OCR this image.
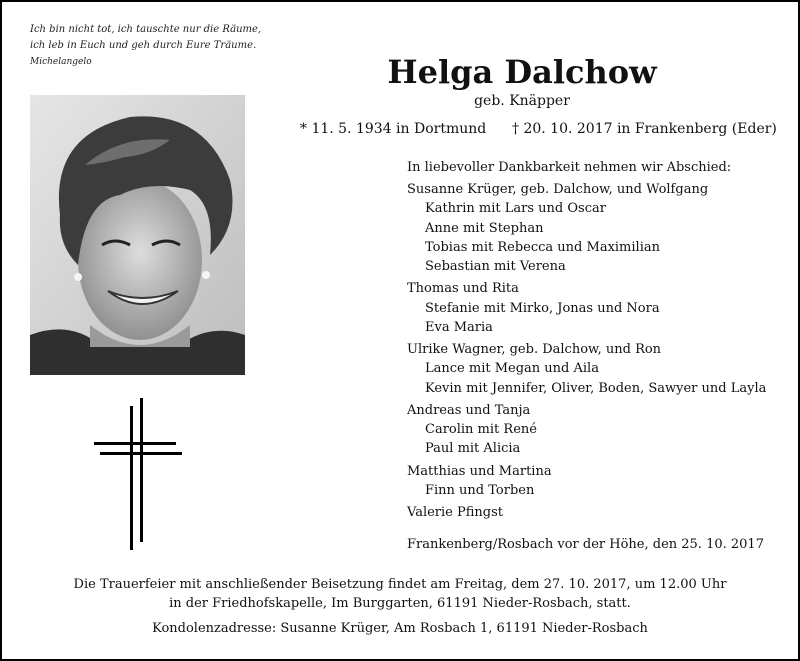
Ich bin nicht tot, ich tauschte nur die Räume,
ich leb in Euch und geh durch Eure Träume.
Michelangelo	Helga Dalchow
geb. Knäpper
* 11. 5. 1934 in Dortmund † 20. 10. 2017 in Frankenberg (Eder)
In liebevoller Dankbarkeit nehmen wir Abschied:
Susanne Krüger, geb. Dalchow, und Wolfgang
Kathrin mit Lars und Oscar
Anne mit Stephan
Tobias mit Rebecca und Maximilian
Sebastian mit Verena
Thomas und Rita
Stefanie mit Mirko, Jonas und Nora
Eva Maria
Ulrike Wagner, geb. Dalchow, und Ron
Lance mit Megan und Aila
Kevin mit Jennifer, Oliver, Boden, Sawyer und Layla
Andreas und Tanja
Carolin mit René
Paul mit Alicia
Matthias und Martina
Finn und Torben
Valerie Pfingst
Frankenberg/Rosbach vor der Höhe, den 25. 10. 2017
Die Trauerfeier mit anschließender Beisetzung findet am Freitag, dem 27. 10. 2017, um 12.00 Uhr
in der Friedhofskapelle, Im Burggarten, 61191 Nieder-Rosbach, statt.
Kondolenzadresse: Susanne Krüger, Am Rosbach 1, 61191 Nieder-Rosbach
